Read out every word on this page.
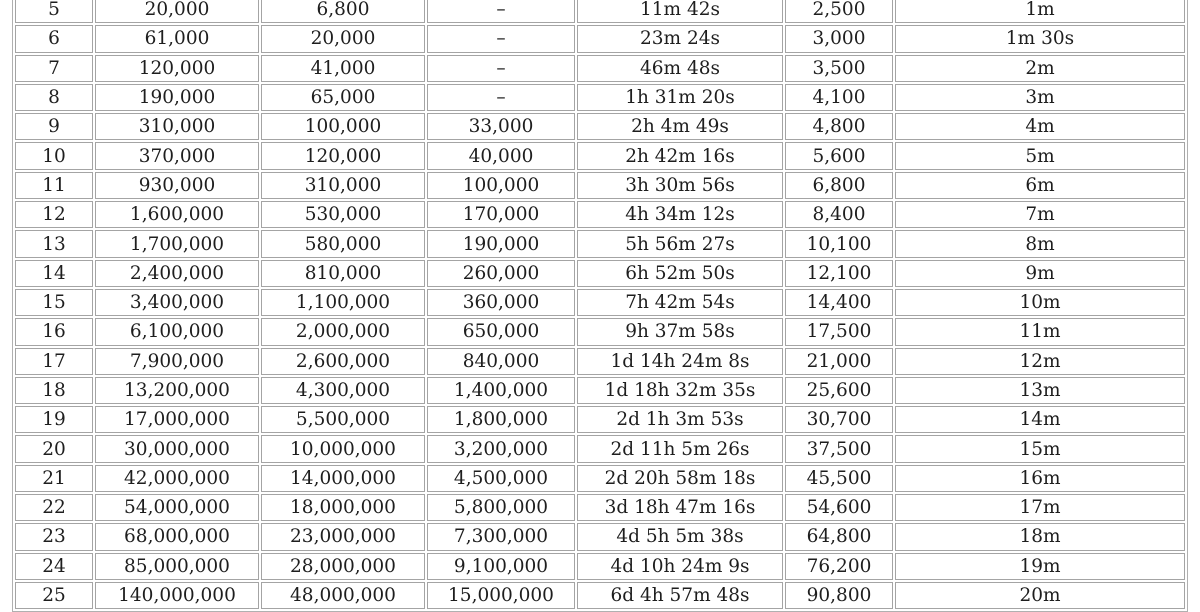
5	20,000	6,800	–	11m 42s	2,500	1m
6	61,000	20,000	–	23m 24s	3,000	1m 30s
7	120,000	41,000	–	46m 48s	3,500	2m
8	190,000	65,000	–	1h 31m 20s	4,100	3m
9	310,000	100,000	33,000	2h 4m 49s	4,800	4m
10	370,000	120,000	40,000	2h 42m 16s	5,600	5m
11	930,000	310,000	100,000	3h 30m 56s	6,800	6m
12	1,600,000	530,000	170,000	4h 34m 12s	8,400	7m
13	1,700,000	580,000	190,000	5h 56m 27s	10,100	8m
14	2,400,000	810,000	260,000	6h 52m 50s	12,100	9m
15	3,400,000	1,100,000	360,000	7h 42m 54s	14,400	10m
16	6,100,000	2,000,000	650,000	9h 37m 58s	17,500	11m
17	7,900,000	2,600,000	840,000	1d 14h 24m 8s	21,000	12m
18	13,200,000	4,300,000	1,400,000	1d 18h 32m 35s	25,600	13m
19	17,000,000	5,500,000	1,800,000	2d 1h 3m 53s	30,700	14m
20	30,000,000	10,000,000	3,200,000	2d 11h 5m 26s	37,500	15m
21	42,000,000	14,000,000	4,500,000	2d 20h 58m 18s	45,500	16m
22	54,000,000	18,000,000	5,800,000	3d 18h 47m 16s	54,600	17m
23	68,000,000	23,000,000	7,300,000	4d 5h 5m 38s	64,800	18m
24	85,000,000	28,000,000	9,100,000	4d 10h 24m 9s	76,200	19m
25	140,000,000	48,000,000	15,000,000	6d 4h 57m 48s	90,800	20m
